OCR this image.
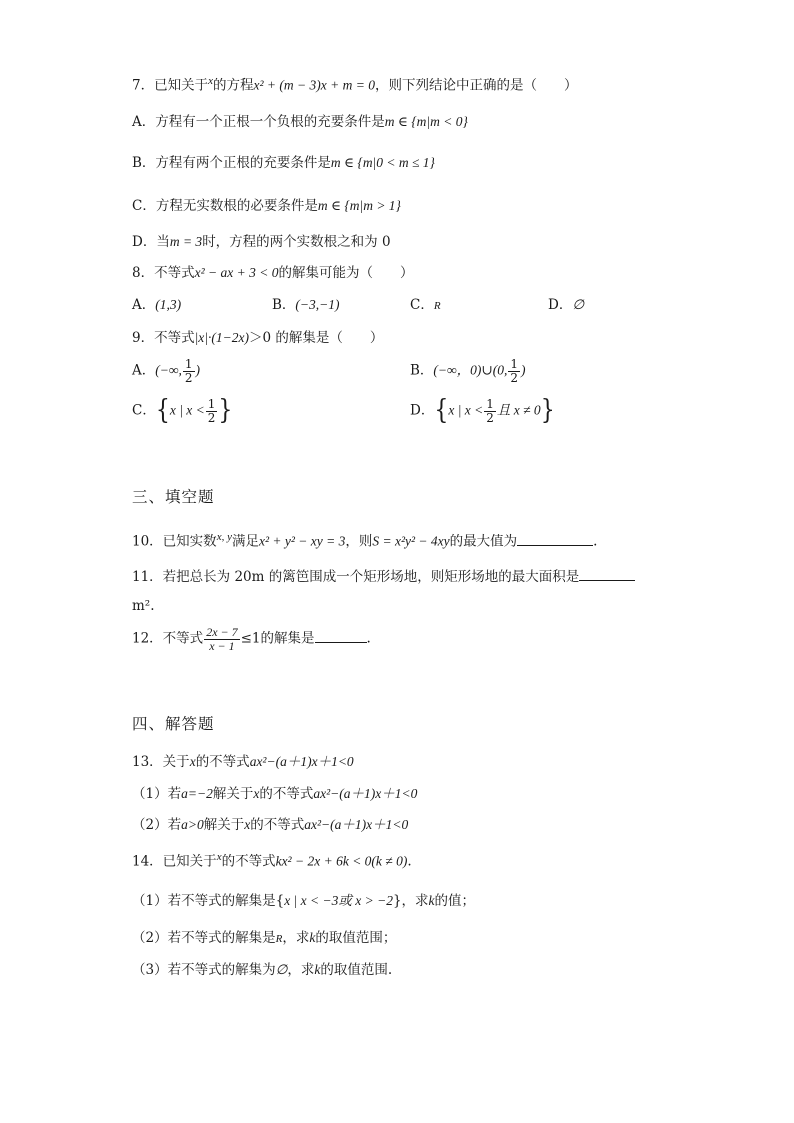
7．已知关于$^x$的方程x² + (m − 3)x + m = 0，则下列结论中正确的是（　　）
A．方程有一个正根一个负根的充要条件是m ∈ {m|m < 0}
B．方程有两个正根的充要条件是m ∈ {m|0 < m ≤ 1}
C．方程无实数根的必要条件是m ∈ {m|m > 1}
D．当m = 3时，方程的两个实数根之和为 0
8．不等式x² − ax + 3 < 0的解集可能为（　　）
A．(1,3)	B．(−3,−1)	C．R	D．∅
9．不等式|x|·(1−2x)＞0 的解集是（　　）
A．(−∞, $\frac{1}{2}$ )	B．(−∞，0)∪(0, $\frac{1}{2}$ )
C．{x | $x < \frac{1}{2}$ }	D．{x | $x < \frac{1}{2}$ 且 x ≠ 0}
三、填空题
10．已知实数$^{x, y}$满足x² + y² − xy = 3，则S = x²y² − 4xy的最大值为	.
11．若把总长为 20m 的篱笆围成一个矩形场地，则矩形场地的最大面积是
m².
12．不等式 $\frac{2x - 7}{x - 1} \le 1$的解集是	.
四、解答题
13．关于x的不等式ax²−(a＋1)x＋1<0
（1）若a=−2解关于x的不等式ax²−(a＋1)x＋1<0
（2）若a>0解关于x的不等式ax²−(a＋1)x＋1<0
14．已知关于$^x$的不等式kx² − 2x + 6k < 0(k ≠ 0).
（1）若不等式的解集是{x | x < −3或 x > −2}，求k的值；
（2）若不等式的解集是R，求k的取值范围；
（3）若不等式的解集为∅，求k的取值范围.
